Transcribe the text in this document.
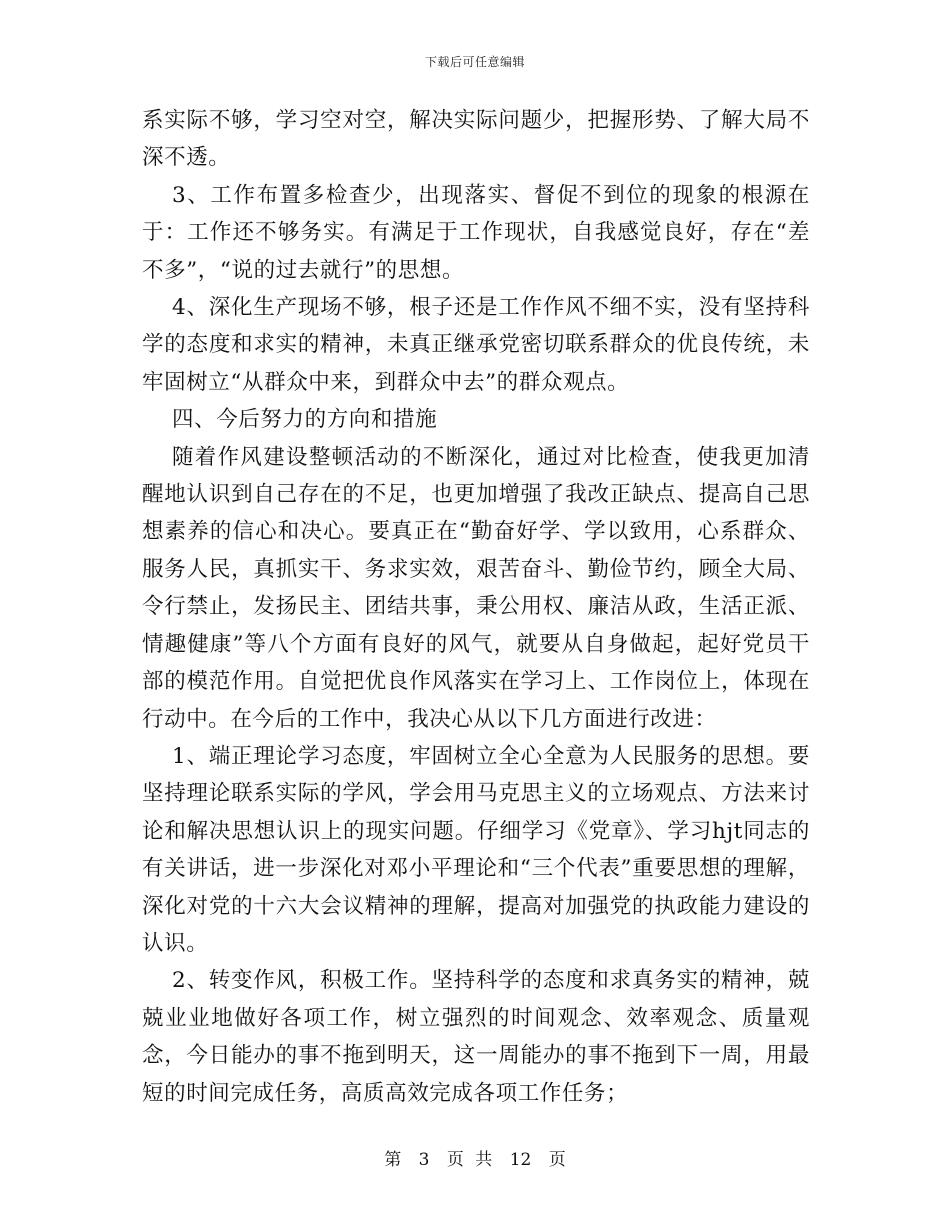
下载后可任意编辑

系实际不够，学习空对空，解决实际问题少，把握形势、了解大局不深不透。

3、工作布置多检查少，出现落实、督促不到位的现象的根源在于：工作还不够务实。有满足于工作现状，自我感觉良好，存在“差不多”，“说的过去就行”的思想。

4、深化生产现场不够，根子还是工作作风不细不实，没有坚持科学的态度和求实的精神，未真正继承党密切联系群众的优良传统，未牢固树立“从群众中来，到群众中去”的群众观点。

四、今后努力的方向和措施

随着作风建设整顿活动的不断深化，通过对比检查，使我更加清醒地认识到自己存在的不足，也更加增强了我改正缺点、提高自己思想素养的信心和决心。要真正在“勤奋好学、学以致用，心系群众、服务人民，真抓实干、务求实效，艰苦奋斗、勤俭节约，顾全大局、令行禁止，发扬民主、团结共事，秉公用权、廉洁从政，生活正派、情趣健康”等八个方面有良好的风气，就要从自身做起，起好党员干部的模范作用。自觉把优良作风落实在学习上、工作岗位上，体现在行动中。在今后的工作中，我决心从以下几方面进行改进：

1、端正理论学习态度，牢固树立全心全意为人民服务的思想。要坚持理论联系实际的学风，学会用马克思主义的立场观点、方法来讨论和解决思想认识上的现实问题。仔细学习《党章》、学习hjt同志的有关讲话，进一步深化对邓小平理论和“三个代表”重要思想的理解，深化对党的十六大会议精神的理解，提高对加强党的执政能力建设的认识。

2、转变作风，积极工作。坚持科学的态度和求真务实的精神，兢兢业业地做好各项工作，树立强烈的时间观念、效率观念、质量观念，今日能办的事不拖到明天，这一周能办的事不拖到下一周，用最短的时间完成任务，高质高效完成各项工作任务；

第 3 页 共 12 页
